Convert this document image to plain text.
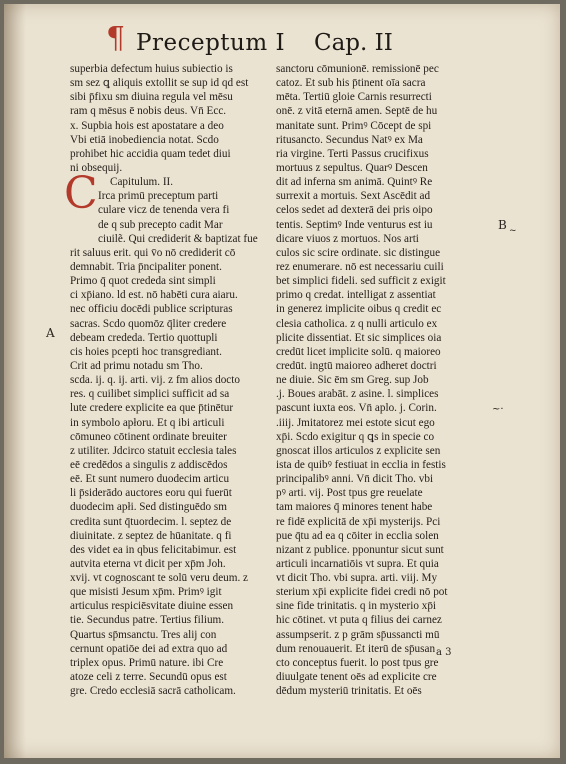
¶ Preceptum I Cap. II
C
superbia defectum huius subiectio is
sm sez ꝗ aliquis extollit se sup id qd est
sibi p̄fixu sm diuina regula vel mēsu
ram q mēsus ē nobis deus. Vn̄ Ecc.
x. Supbia hois est apostatare a deo
Vbi etiā inobediencia notat. Scdo
prohibet hic accidia quam tedet diui
ni obsequij.
Capitulum. II.
Irca primū preceptum parti
culare vicz de tenenda vera fi
de q sub precepto cadit Mar
ciuilẽ. Qui crediderit & baptizat fue
rit saluus erit. qui v̄o nō crediderit cō
demnabit. Tria p̄ncipaliter ponent.
Primo q̄ quot crededa sint simpli
ci xp̄iano. ld est. nō habēti cura aiaru.
nec officiu docēdi publice scripturas
sacras. Scdo quomōz q̄liter credere
debeam crededa. Tertio quottupli
cis hoies pcepti hoc transgrediant.
Crit ad primu notadu sm Tho.
scda. ij. q. ij. arti. vij. z fm alios docto
res. q cuilibet simplici sufficit ad sa
lute credere explicite ea que p̄tinētur
in symbolo apłoru. Et q ibi articuli
cōmuneo cōtinent ordinate breuiter
z utiliter. Jdcirco statuit ecclesia tales
eē credēdos a singulis z addiscēdos
eē. Et sunt numero duodecim articu
li p̄siderādo auctores eoru qui fuerūt
duodecim apłi. Sed distinguēdo sm
credita sunt q̄tuordecim. l. septez de
diuinitate. z septez de hūanitate. q fi
des videt ea in qbus felicitabimur. est
autvita eterna vt dicit per xp̄m Joh.
xvij. vt cognoscant te solū veru deum. z
que misisti Jesum xp̄m. Primꝰ igit
articulus respiciēsvitate diuine essen
tie. Secundus patre. Tertius filium.
Quartus sp̄msanctu. Tres alij con
cernunt opatiōe dei ad extra quo ad
triplex opus. Primū nature. ibi Cre
atoze celi z terre. Secundū opus est
gre. Credo ecclesiā sacrā catholicam.
sanctoru cōmunionē. remissionē pec
catoz. Et sub his p̄tinent oīa sacra
mēta. Tertiū gloie Carnis resurrecti
onē. z vitā eternā amen. Septē de hu
manitate sunt. Primꝰ Cōcept de spi
ritusancto. Secundus Natꝰ ex Ma
ria virgine. Terti Passus crucifixus
mortuus z sepultus. Quarꝰ Descen
dit ad inferna sm animā. Quintꝰ Re
surrexit a mortuis. Sext Ascēdit ad
celos sedet ad dexterā dei pris oipo
tentis. Septimꝰ Inde venturus est iu
dicare viuos z mortuos. Nos arti
culos sic scire ordinate. sic distingue
rez enumerare. nō est necessariu cuili
bet simplici fideli. sed sufficit z exigit
primo q credat. intelligat z assentiat
in generez implicite oibus q credit ec
clesia catholica. z q nulli articulo ex
plicite dissentiat. Et sic simplices oia
credūt licet implicite solū. q maioreo
credūt. ingtū maioreo adheret doctri
ne diuie. Sic ēm sm Greg. sup Job
.j. Boues arabāt. z asine. l. simplices
pascunt iuxta eos. Vn̄ aplo. j. Corin.
.iiij. Jmitatorez mei estote sicut ego
xp̄i. Scdo exigitur q ꝗs in specie co
gnoscat illos articulos z explicite sen
ista de quibꝰ festiuat in ecclia in festis
principalibꝰ anni. Vn̄ dicit Tho. vbi
pꝰ arti. vij. Post tpus gre reuelate
tam maiores q̄ minores tenent habe
re fidē explicitā de xp̄i mysterijs. Pci
pue q̄tu ad ea q cōiter in ecclia solen
nizant z publice. pponuntur sicut sunt
articuli incarnatiōis vt supra. Et quia
vt dicit Tho. vbi supra. arti. viij. My
sterium xp̄i explicite fidei credi nō pot
sine fide trinitatis. q in mysterio xp̄i
hic cōtinet. vt puta q filius dei carnez
assumpserit. z p grām sp̄ussancti mū
dum renouauerit. Et iterū de sp̄usan
cto conceptus fuerit. lo post tpus gre
diuulgate tenent oēs ad explicite cre
dēdum mysteriū trinitatis. Et oēs
A
B ~
~·
a 3
